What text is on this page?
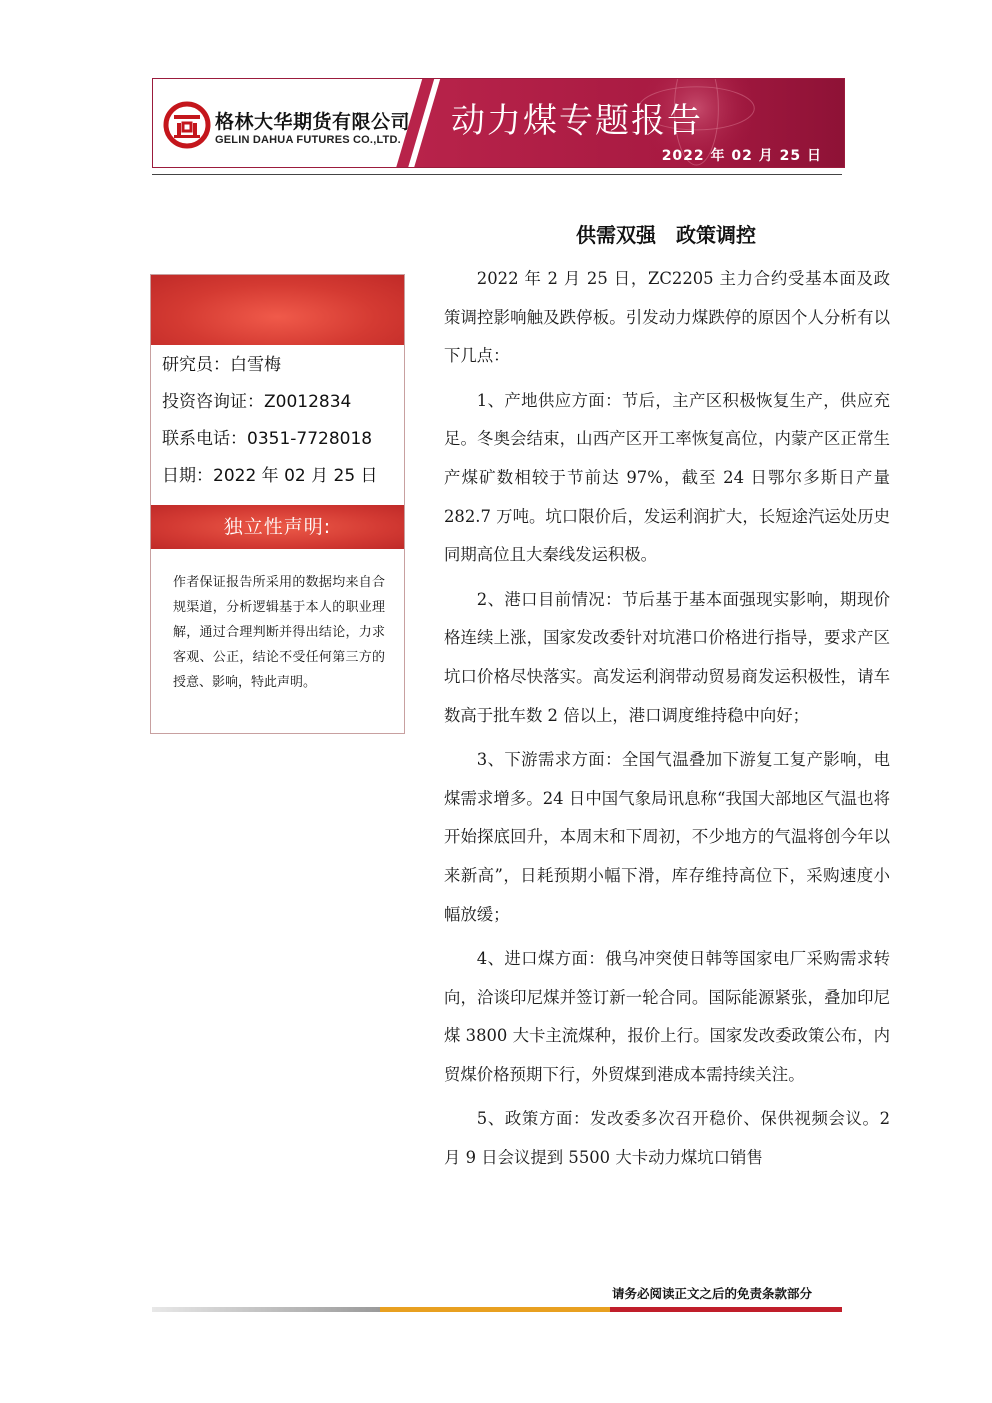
格林大华期货有限公司
GELIN DAHUA FUTURES CO.,LTD. 动力煤专题报告
2022 年 02 月 25 日
供需双强　政策调控
研究员：白雪梅
投资咨询证：Z0012834
联系电话：0351-7728018
日期：2022 年 02 月 25 日
独立性声明:
作者保证报告所采用的数据均来自合规渠道，分析逻辑基于本人的职业理解，通过合理判断并得出结论，力求客观、公正，结论不受任何第三方的授意、影响，特此声明。

2022 年 2 月 25 日，ZC2205 主力合约受基本面及政策调控影响触及跌停板。引发动力煤跌停的原因个人分析有以下几点：

1、产地供应方面：节后，主产区积极恢复生产，供应充足。冬奥会结束，山西产区开工率恢复高位，内蒙产区正常生产煤矿数相较于节前达 97%，截至 24 日鄂尔多斯日产量 282.7 万吨。坑口限价后，发运利润扩大，长短途汽运处历史同期高位且大秦线发运积极。

2、港口目前情况：节后基于基本面强现实影响，期现价格连续上涨，国家发改委针对坑港口价格进行指导，要求产区坑口价格尽快落实。高发运利润带动贸易商发运积极性，请车数高于批车数 2 倍以上，港口调度维持稳中向好；

3、下游需求方面：全国气温叠加下游复工复产影响，电煤需求增多。24 日中国气象局讯息称“我国大部地区气温也将开始探底回升，本周末和下周初，不少地方的气温将创今年以来新高”，日耗预期小幅下滑，库存维持高位下，采购速度小幅放缓；

4、进口煤方面：俄乌冲突使日韩等国家电厂采购需求转向，洽谈印尼煤并签订新一轮合同。国际能源紧张，叠加印尼煤 3800 大卡主流煤种，报价上行。国家发改委政策公布，内贸煤价格预期下行，外贸煤到港成本需持续关注。

5、政策方面：发改委多次召开稳价、保供视频会议。2 月 9 日会议提到 5500 大卡动力煤坑口销售

请务必阅读正文之后的免责条款部分
